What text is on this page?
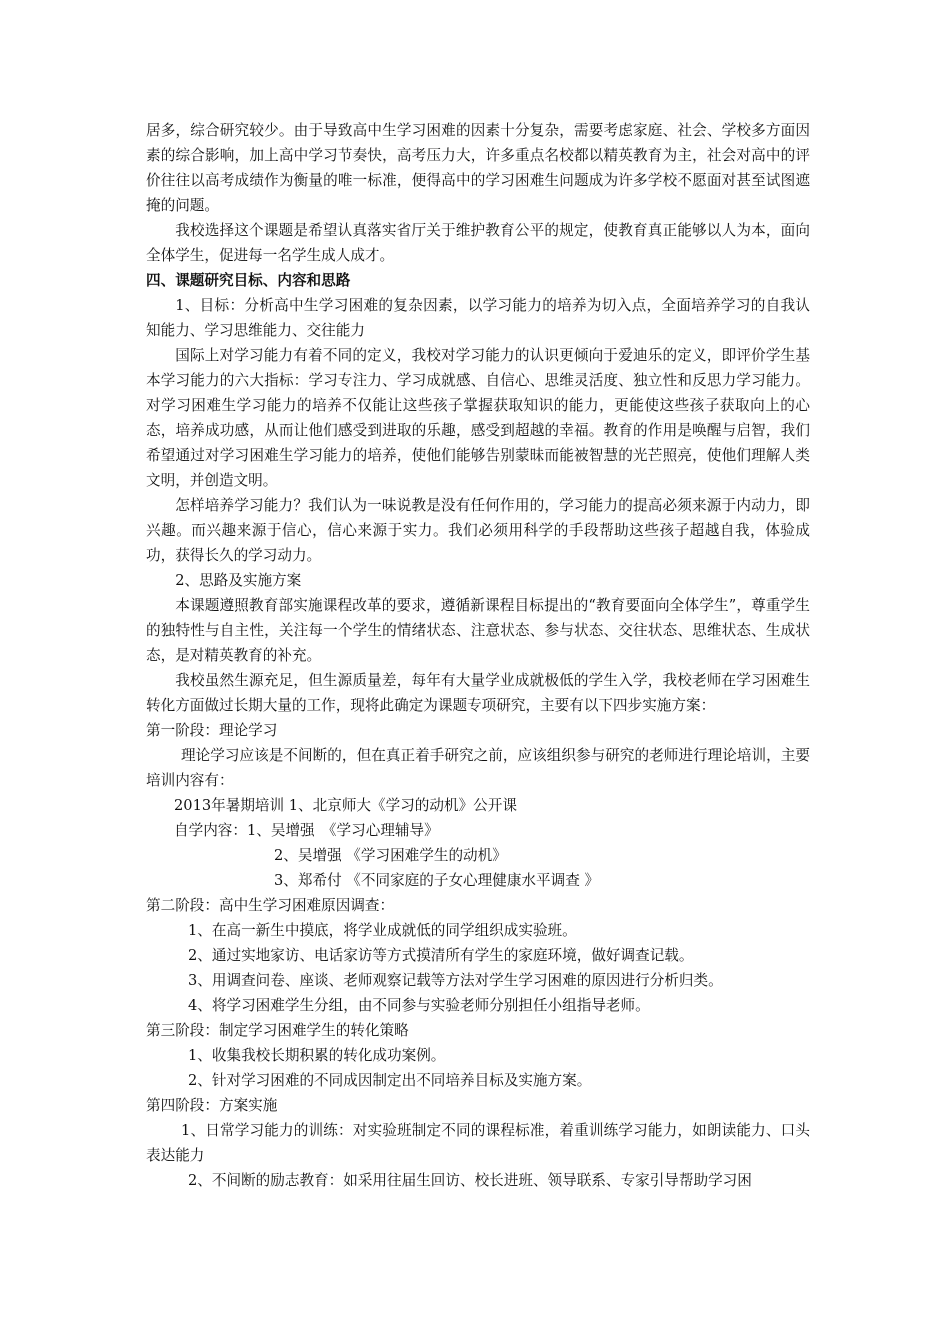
居多，综合研究较少。由于导致高中生学习困难的因素十分复杂，需要考虑家庭、社会、学校多方面因素的综合影响，加上高中学习节奏快，高考压力大，许多重点名校都以精英教育为主，社会对高中的评价往往以高考成绩作为衡量的唯一标准，便得高中的学习困难生问题成为许多学校不愿面对甚至试图遮掩的问题。

我校选择这个课题是希望认真落实省厅关于维护教育公平的规定，使教育真正能够以人为本，面向全体学生，促进每一名学生成人成才。

四、课题研究目标、内容和思路

1、目标：分析高中生学习困难的复杂因素，以学习能力的培养为切入点，全面培养学习的自我认知能力、学习思维能力、交往能力

国际上对学习能力有着不同的定义，我校对学习能力的认识更倾向于爱迪乐的定义，即评价学生基本学习能力的六大指标：学习专注力、学习成就感、自信心、思维灵活度、独立性和反思力学习能力。对学习困难生学习能力的培养不仅能让这些孩子掌握获取知识的能力，更能使这些孩子获取向上的心态，培养成功感，从而让他们感受到进取的乐趣，感受到超越的幸福。教育的作用是唤醒与启智，我们希望通过对学习困难生学习能力的培养，使他们能够告别蒙昧而能被智慧的光芒照亮，使他们理解人类文明，并创造文明。

怎样培养学习能力？我们认为一味说教是没有任何作用的，学习能力的提高必须来源于内动力，即兴趣。而兴趣来源于信心，信心来源于实力。我们必须用科学的手段帮助这些孩子超越自我，体验成功，获得长久的学习动力。

2、思路及实施方案

本课题遵照教育部实施课程改革的要求，遵循新课程目标提出的“教育要面向全体学生”，尊重学生的独特性与自主性，关注每一个学生的情绪状态、注意状态、参与状态、交往状态、思维状态、生成状态，是对精英教育的补充。

我校虽然生源充足，但生源质量差，每年有大量学业成就极低的学生入学，我校老师在学习困难生转化方面做过长期大量的工作，现将此确定为课题专项研究，主要有以下四步实施方案：

第一阶段：理论学习

理论学习应该是不间断的，但在真正着手研究之前，应该组织参与研究的老师进行理论培训，主要培训内容有：

2013年暑期培训 1、北京师大《学习的动机》公开课

自学内容：1、吴增强　《学习心理辅导》

2、吴增强 《学习困难学生的动机》

3、郑希付 《不同家庭的子女心理健康水平调查 》

第二阶段：高中生学习困难原因调查：

1、在高一新生中摸底，将学业成就低的同学组织成实验班。

2、通过实地家访、电话家访等方式摸清所有学生的家庭环境，做好调查记载。

3、用调查问卷、座谈、老师观察记载等方法对学生学习困难的原因进行分析归类。

4、将学习困难学生分组，由不同参与实验老师分别担任小组指导老师。

第三阶段：制定学习困难学生的转化策略

1、收集我校长期积累的转化成功案例。

2、针对学习困难的不同成因制定出不同培养目标及实施方案。

第四阶段：方案实施

1、日常学习能力的训练：对实验班制定不同的课程标准，着重训练学习能力，如朗读能力、口头表达能力

2、不间断的励志教育：如采用往届生回访、校长进班、领导联系、专家引导帮助学习困
